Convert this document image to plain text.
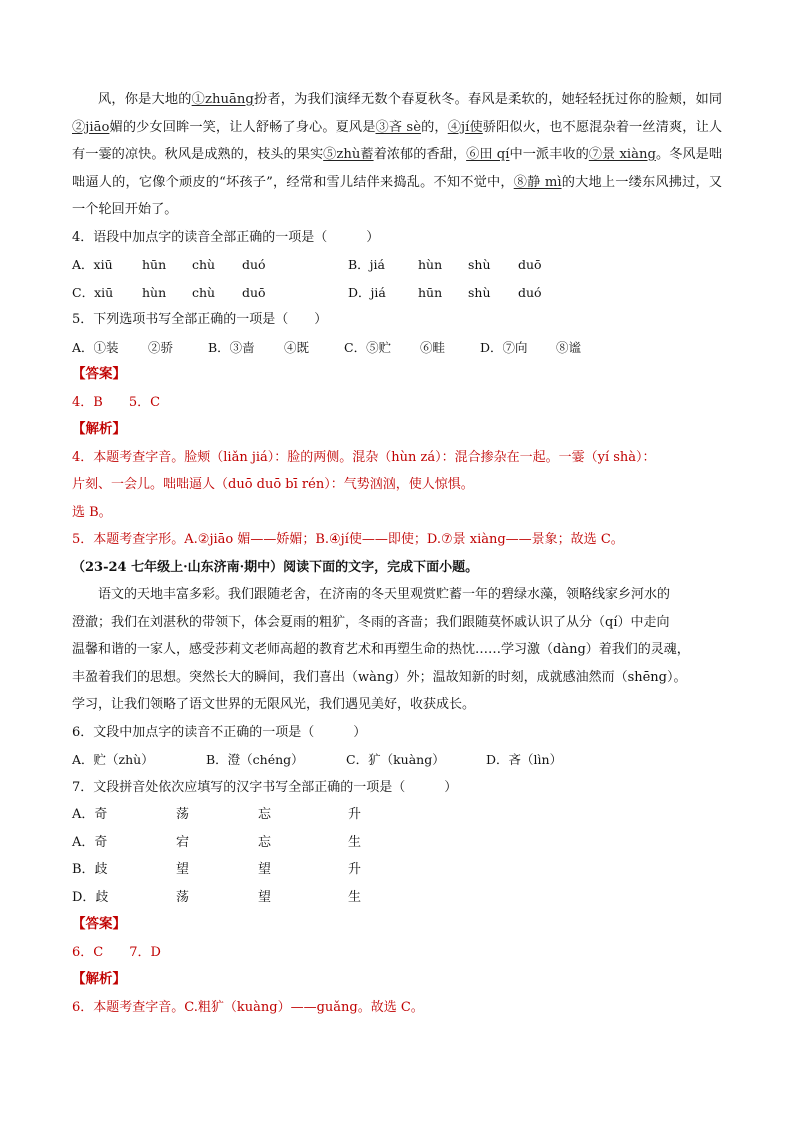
风，你是大地的①zhuāng扮者，为我们演绎无数个春夏秋冬。春风是柔软的，她轻轻抚过你的脸颊，如同②jiāo媚的少女回眸一笑，让人舒畅了身心。夏风是③吝 sè的，④jí使骄阳似火，也不愿混杂着一丝清爽，让人有一霎的凉快。秋风是成熟的，枝头的果实⑤zhù蓄着浓郁的香甜，⑥田 qí中一派丰收的⑦景 xiàng。冬风是咄咄逼人的，它像个顽皮的“坏孩子”，经常和雪儿结伴来捣乱。不知不觉中，⑧静 mì的大地上一缕东风拂过，又一个轮回开始了。

4．语段中加点字的读音全部正确的一项是（　　　）

A．xiū	hūn	chù	duó	B．jiá	hùn	shù	duō
C．xiū	hùn	chù	duō	D．jiá	hūn	shù	duó

5．下列选项书写全部正确的一项是（　　）

A．①装	②骄	B．③啬	④既	C．⑤贮	⑥畦	D．⑦向	⑧谧

【答案】

4．B　　5．C

【解析】

4．本题考查字音。脸颊（liǎn jiá）：脸的两侧。混杂（hùn zá）：混合掺杂在一起。一霎（yí shà）：

片刻、一会儿。咄咄逼人（duō duō bī rén）：气势汹汹，使人惊惧。

选 B。

5．本题考查字形。A.②jiāo 媚——娇媚；B.④jí使——即使；D.⑦景 xiàng——景象；故选 C。

（23-24 七年级上·山东济南·期中）阅读下面的文字，完成下面小题。

语文的天地丰富多彩。我们跟随老舍，在济南的冬天里观赏贮蓄一年的碧绿水藻，领略线家乡河水的

澄澈；我们在刘湛秋的带领下，体会夏雨的粗犷，冬雨的吝啬；我们跟随莫怀戚认识了从分（qí）中走向

温馨和谐的一家人，感受莎莉文老师高超的教育艺术和再塑生命的热忱……学习激（dàng）着我们的灵魂，

丰盈着我们的思想。突然长大的瞬间，我们喜出（wàng）外；温故知新的时刻，成就感油然而（shēng）。

学习，让我们领略了语文世界的无限风光，我们遇见美好，收获成长。

6．文段中加点字的读音不正确的一项是（　　　）

A．贮（zhù）	B．澄（chéng）	C．犷（kuàng）	D．吝（lìn）

7．文段拼音处依次应填写的汉字书写全部正确的一项是（　　　）

A．奇	荡	忘	升
A．奇	宕	忘	生
B．歧	望	望	升
D．歧	荡	望	生

【答案】

6．C　　7．D

【解析】

6．本题考查字音。C.粗犷（kuàng）——guǎng。故选 C。
